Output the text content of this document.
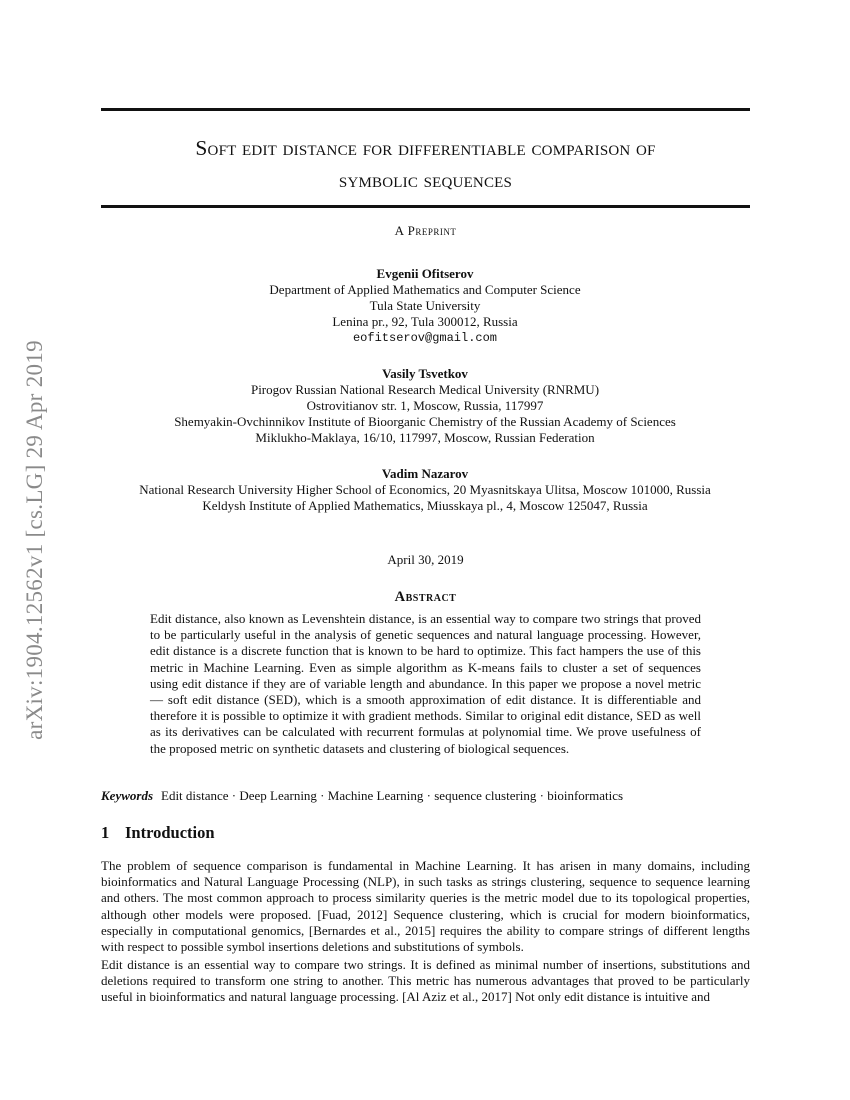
arXiv:1904.12562v1 [cs.LG] 29 Apr 2019
Soft edit distance for differentiable comparison of
symbolic sequences
A Preprint
Evgenii Ofitserov
Department of Applied Mathematics and Computer Science
Tula State University
Lenina pr., 92, Tula 300012, Russia
eofitserov@gmail.com
Vasily Tsvetkov
Pirogov Russian National Research Medical University (RNRMU)
Ostrovitianov str. 1, Moscow, Russia, 117997
Shemyakin-Ovchinnikov Institute of Bioorganic Chemistry of the Russian Academy of Sciences
Miklukho-Maklaya, 16/10, 117997, Moscow, Russian Federation
Vadim Nazarov
National Research University Higher School of Economics, 20 Myasnitskaya Ulitsa, Moscow 101000, Russia
Keldysh Institute of Applied Mathematics, Miusskaya pl., 4, Moscow 125047, Russia
April 30, 2019
Abstract
Edit distance, also known as Levenshtein distance, is an essential way to compare two strings that proved to be particularly useful in the analysis of genetic sequences and natural language processing. However, edit distance is a discrete function that is known to be hard to optimize. This fact hampers the use of this metric in Machine Learning. Even as simple algorithm as K-means fails to cluster a set of sequences using edit distance if they are of variable length and abundance. In this paper we propose a novel metric — soft edit distance (SED), which is a smooth approximation of edit distance. It is differentiable and therefore it is possible to optimize it with gradient methods. Similar to original edit distance, SED as well as its derivatives can be calculated with recurrent formulas at polynomial time. We prove usefulness of the proposed metric on synthetic datasets and clustering of biological sequences.
Keywords Edit distance · Deep Learning · Machine Learning · sequence clustering · bioinformatics
1 Introduction
The problem of sequence comparison is fundamental in Machine Learning. It has arisen in many domains, including bioinformatics and Natural Language Processing (NLP), in such tasks as strings clustering, sequence to sequence learning and others. The most common approach to process similarity queries is the metric model due to its topological properties, although other models were proposed. [Fuad, 2012] Sequence clustering, which is crucial for modern bioinformatics, especially in computational genomics, [Bernardes et al., 2015] requires the ability to compare strings of different lengths with respect to possible symbol insertions deletions and substitutions of symbols.
Edit distance is an essential way to compare two strings. It is defined as minimal number of insertions, substitutions and deletions required to transform one string to another. This metric has numerous advantages that proved to be particularly useful in bioinformatics and natural language processing. [Al Aziz et al., 2017] Not only edit distance is intuitive and
